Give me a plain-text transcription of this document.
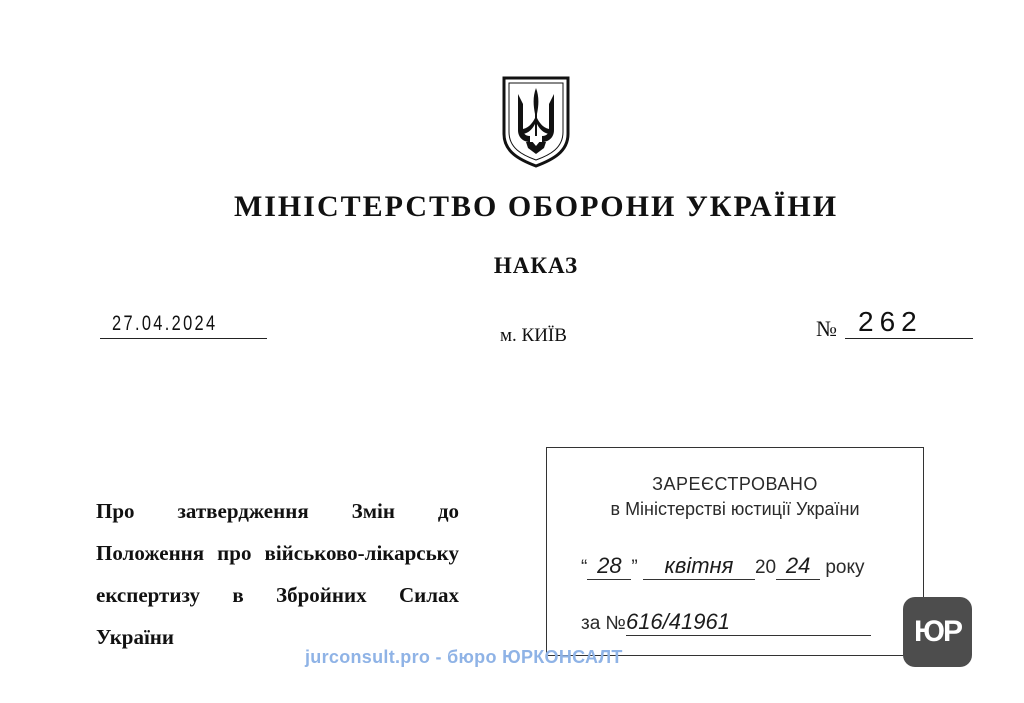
МІНІСТЕРСТВО ОБОРОНИ УКРАЇНИ
НАКАЗ
27.04.2024
м. КИЇВ	№ 262
Про затвердження Змін до Положення про військово-лікарську експертизу в Збройних Силах України
ЗАРЕЄСТРОВАНО
в Міністерстві юстиції України
“ 28 ” квітня 20 24 року
за №616/41961
jurconsult.pro - бюро ЮРКОНСАЛТ
ЮР
